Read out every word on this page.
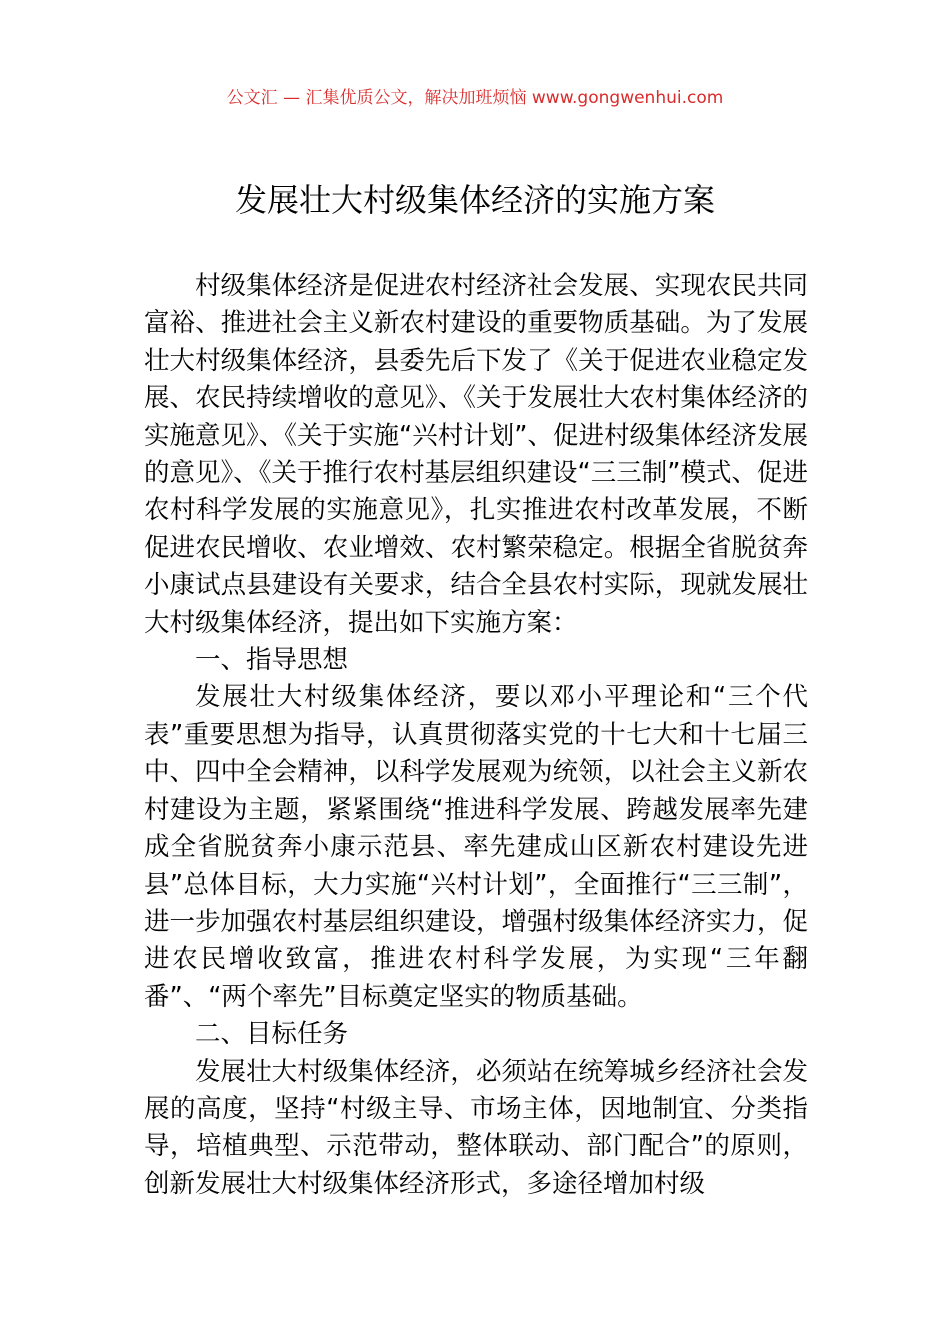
公文汇 — 汇集优质公文，解决加班烦恼 www.gongwenhui.com
发展壮大村级集体经济的实施方案

村级集体经济是促进农村经济社会发展、实现农民共同富裕、推进社会主义新农村建设的重要物质基础。为了发展壮大村级集体经济，县委先后下发了《关于促进农业稳定发展、农民持续增收的意见》、《关于发展壮大农村集体经济的实施意见》、《关于实施“兴村计划”、促进村级集体经济发展的意见》、《关于推行农村基层组织建设“三三制”模式、促进农村科学发展的实施意见》，扎实推进农村改革发展，不断促进农民增收、农业增效、农村繁荣稳定。根据全省脱贫奔小康试点县建设有关要求，结合全县农村实际，现就发展壮大村级集体经济，提出如下实施方案：

一、指导思想

发展壮大村级集体经济，要以邓小平理论和“三个代表”重要思想为指导，认真贯彻落实党的十七大和十七届三中、四中全会精神，以科学发展观为统领，以社会主义新农村建设为主题，紧紧围绕“推进科学发展、跨越发展率先建成全省脱贫奔小康示范县、率先建成山区新农村建设先进县”总体目标，大力实施“兴村计划”，全面推行“三三制”，进一步加强农村基层组织建设，增强村级集体经济实力，促进农民增收致富，推进农村科学发展，为实现“三年翻番”、“两个率先”目标奠定坚实的物质基础。

二、目标任务

发展壮大村级集体经济，必须站在统筹城乡经济社会发展的高度，坚持“村级主导、市场主体，因地制宜、分类指导，培植典型、示范带动，整体联动、部门配合”的原则，创新发展壮大村级集体经济形式，多途径增加村级
